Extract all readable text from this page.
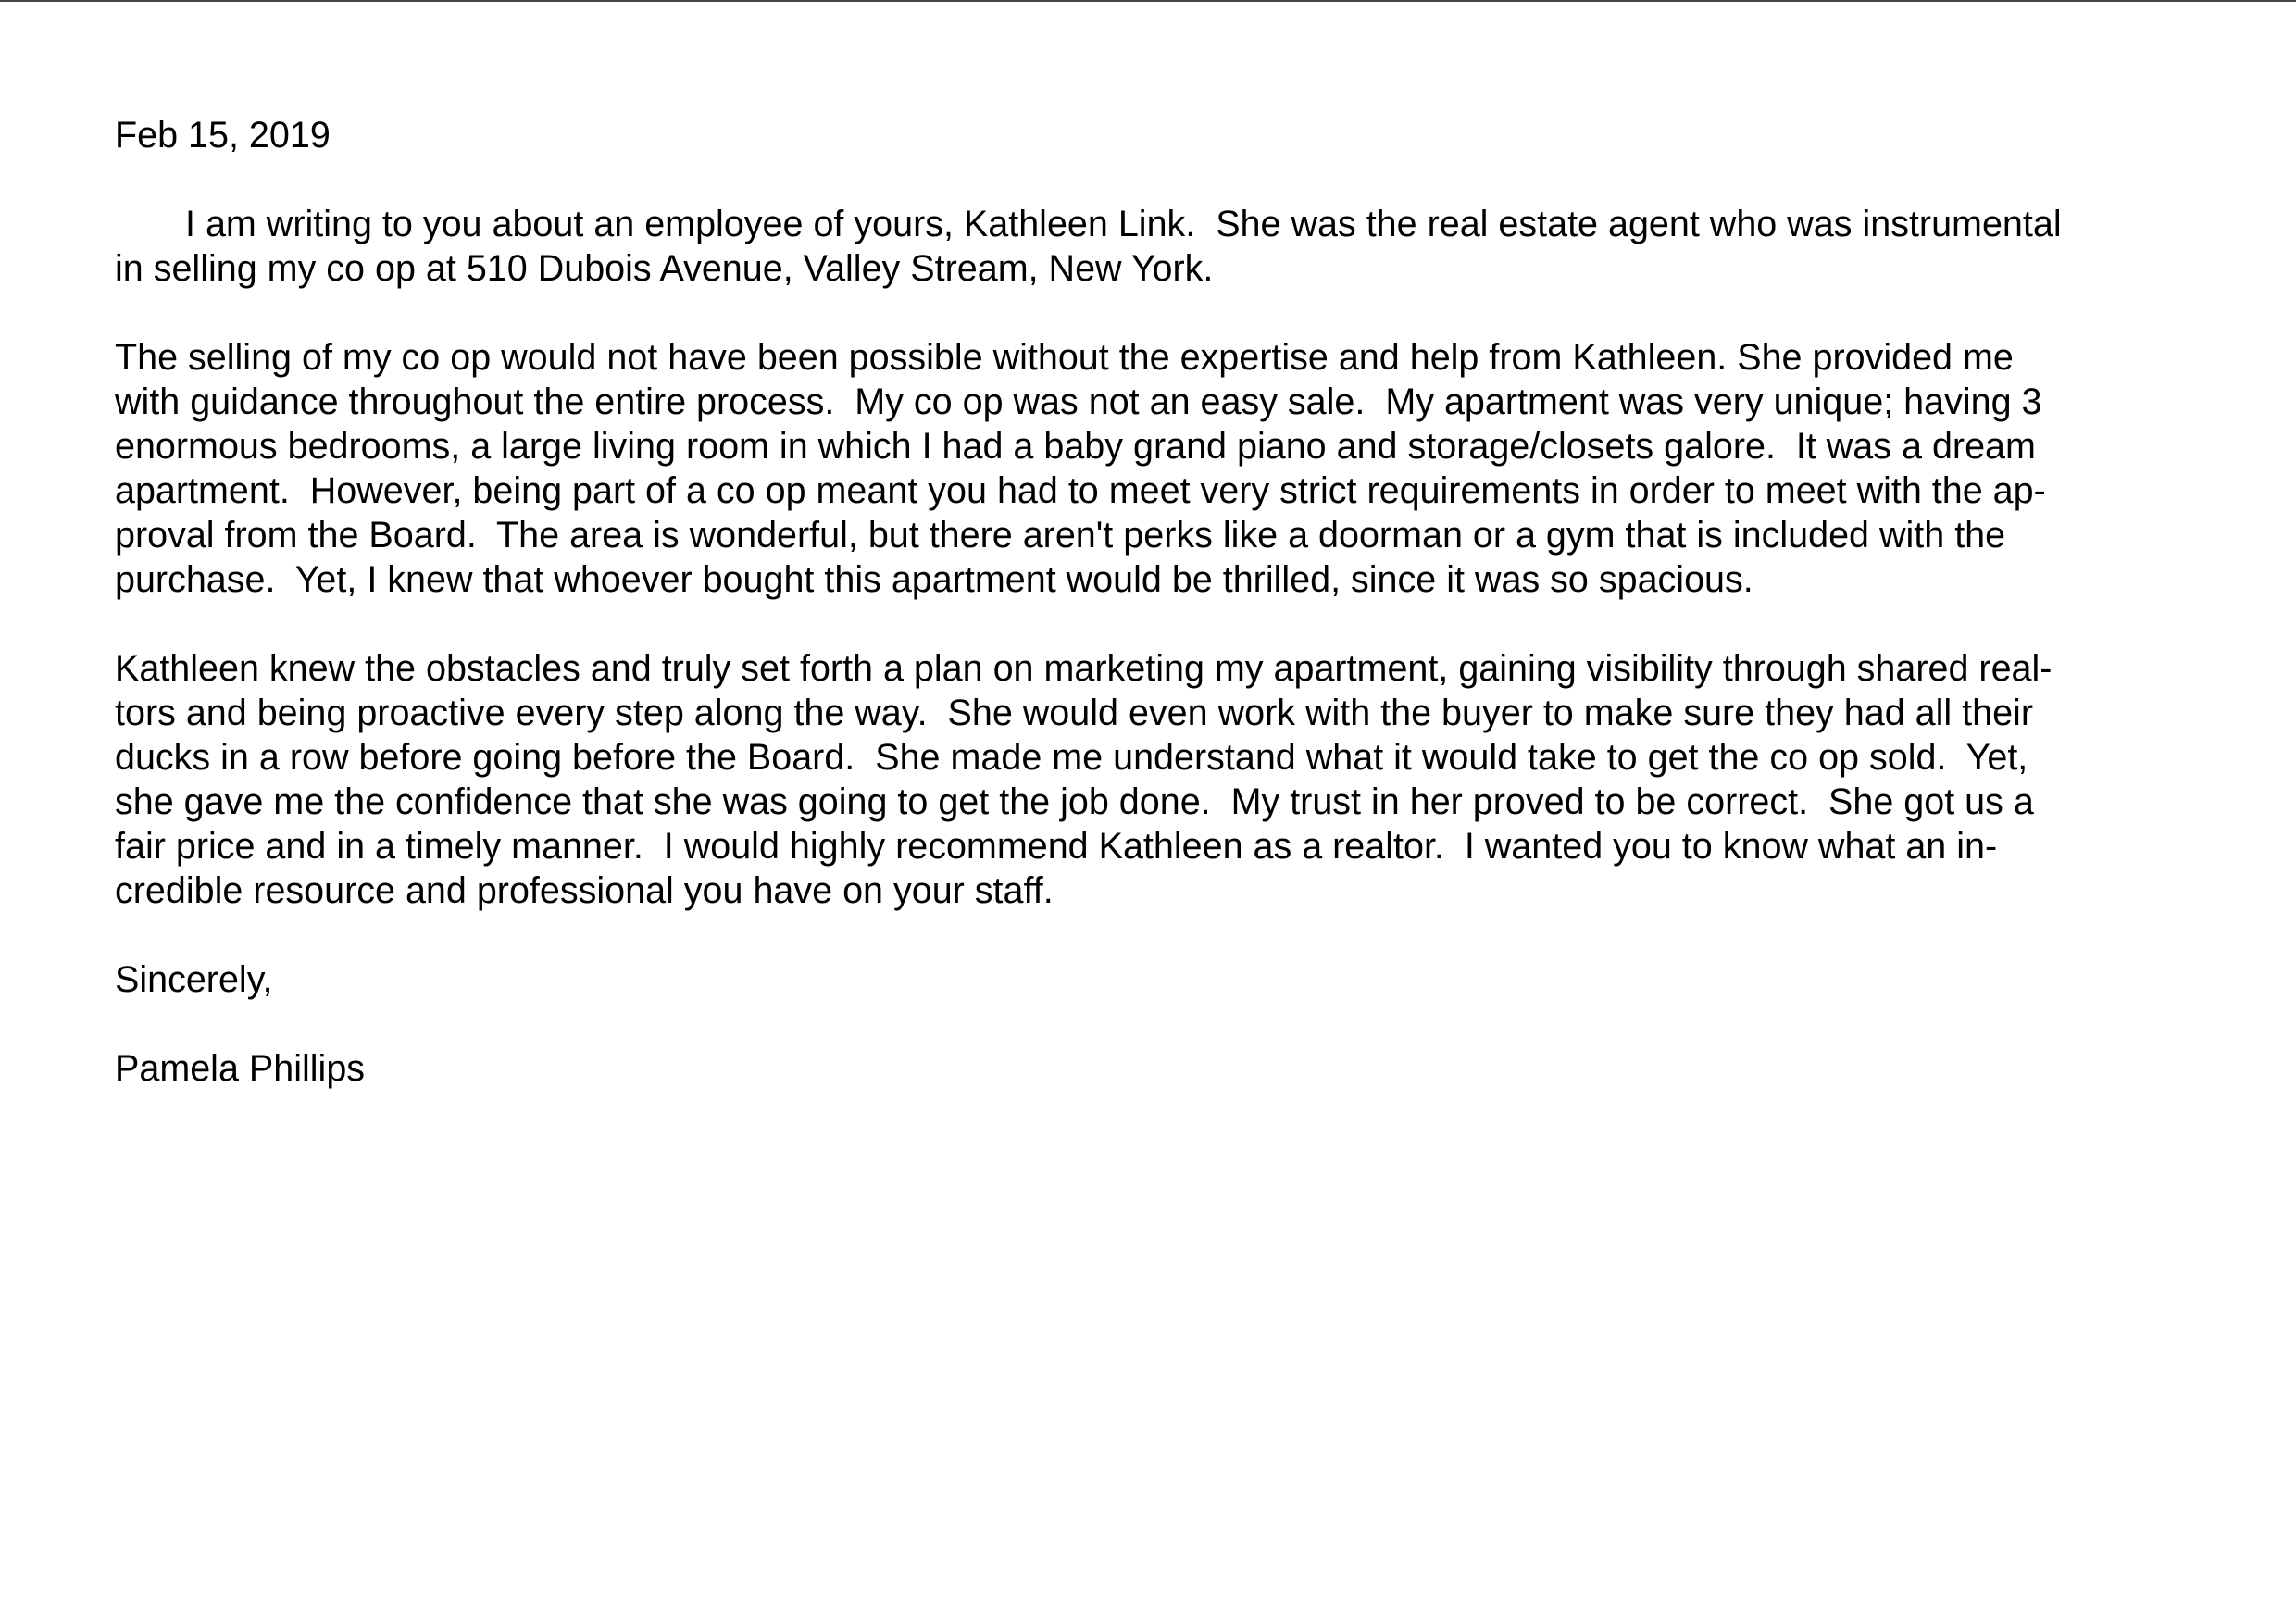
Feb 15, 2019

I am writing to you about an employee of yours, Kathleen Link.  She was the real estate agent who was instrumental
in selling my co op at 510 Dubois Avenue, Valley Stream, New York.

The selling of my co op would not have been possible without the expertise and help from Kathleen. She provided me
with guidance throughout the entire process.  My co op was not an easy sale.  My apartment was very unique; having 3
enormous bedrooms, a large living room in which I had a baby grand piano and storage/closets galore.  It was a dream
apartment.  However, being part of a co op meant you had to meet very strict requirements in order to meet with the ap-
proval from the Board.  The area is wonderful, but there aren't perks like a doorman or a gym that is included with the
purchase.  Yet, I knew that whoever bought this apartment would be thrilled, since it was so spacious.

Kathleen knew the obstacles and truly set forth a plan on marketing my apartment, gaining visibility through shared real-
tors and being proactive every step along the way.  She would even work with the buyer to make sure they had all their
ducks in a row before going before the Board.  She made me understand what it would take to get the co op sold.  Yet,
she gave me the confidence that she was going to get the job done.  My trust in her proved to be correct.  She got us a
fair price and in a timely manner.  I would highly recommend Kathleen as a realtor.  I wanted you to know what an in-
credible resource and professional you have on your staff.

Sincerely,

Pamela Phillips
